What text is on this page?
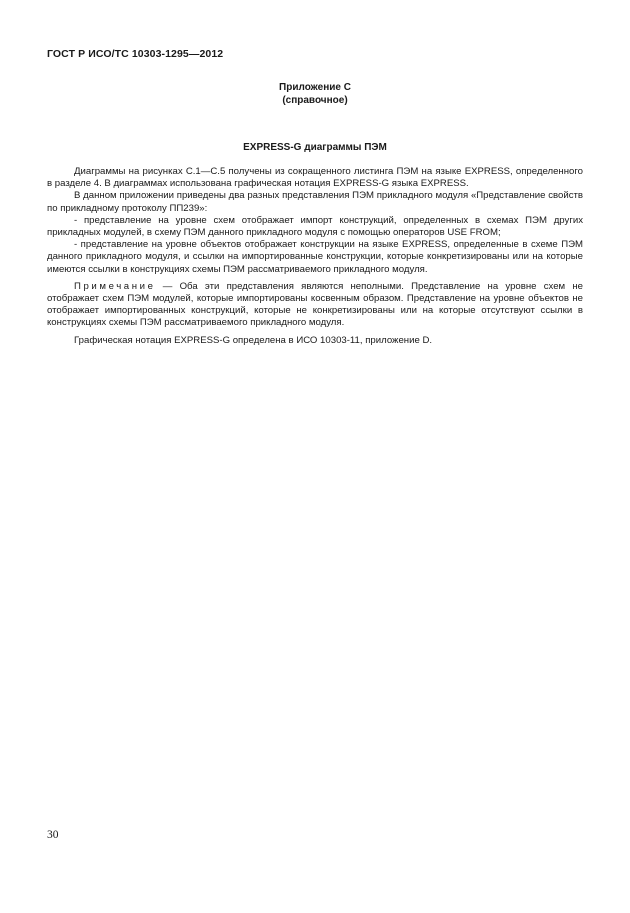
ГОСТ Р ИСО/ТС 10303-1295—2012
Приложение С
(справочное)
EXPRESS-G диаграммы ПЭМ

Диаграммы на рисунках С.1—С.5 получены из сокращенного листинга ПЭМ на языке EXPRESS, определенного в разделе 4. В диаграммах использована графическая нотация EXPRESS-G языка EXPRESS.

В данном приложении приведены два разных представления ПЭМ прикладного модуля «Представление свойств по прикладному протоколу ПП239»:

- представление на уровне схем отображает импорт конструкций, определенных в схемах ПЭМ других прикладных модулей, в схему ПЭМ данного прикладного модуля с помощью операторов USE FROM;

- представление на уровне объектов отображает конструкции на языке EXPRESS, определенные в схеме ПЭМ данного прикладного модуля, и ссылки на импортированные конструкции, которые конкретизированы или на которые имеются ссылки в конструкциях схемы ПЭМ рассматриваемого прикладного модуля.

Примечание — Оба эти представления являются неполными. Представление на уровне схем не отображает схем ПЭМ модулей, которые импортированы косвенным образом. Представление на уровне объектов не отображает импортированных конструкций, которые не конкретизированы или на которые отсутствуют ссылки в конструкциях схемы ПЭМ рассматриваемого прикладного модуля.

Графическая нотация EXPRESS-G определена в ИСО 10303-11, приложение D.

30
